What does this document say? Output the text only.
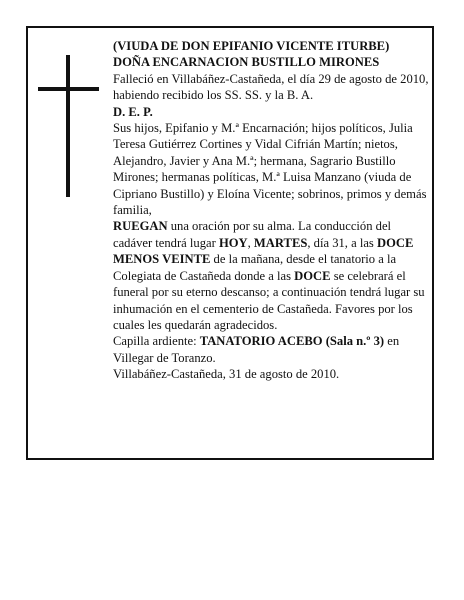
(VIUDA DE DON EPIFANIO VICENTE ITURBE)

DOÑA ENCARNACION BUSTILLO MIRONES

Falleció en Villabáñez-Castañeda, el día 29 de agosto de 2010, habiendo recibido los SS. SS. y la B. A.

D. E. P.

Sus hijos, Epifanio y M.ª Encarnación; hijos políticos, Julia Teresa Gutiérrez Cortines y Vidal Cifrián Martín; nietos, Alejandro, Javier y Ana M.ª; hermana, Sagrario Bustillo Mirones; hermanas políticas, M.ª Luisa Manzano (viuda de Cipriano Bustillo) y Eloína Vicente; sobrinos, primos y demás familia,

RUEGAN una oración por su alma. La conducción del cadáver tendrá lugar HOY, MARTES, día 31, a las DOCE MENOS VEINTE de la mañana, desde el tanatorio a la Colegiata de Castañeda donde a las DOCE se celebrará el funeral por su eterno descanso; a continuación tendrá lugar su inhumación en el cementerio de Castañeda. Favores por los cuales les quedarán agradecidos.

Capilla ardiente: TANATORIO ACEBO (Sala n.º 3) en Villegar de Toranzo.

Villabáñez-Castañeda, 31 de agosto de 2010.
